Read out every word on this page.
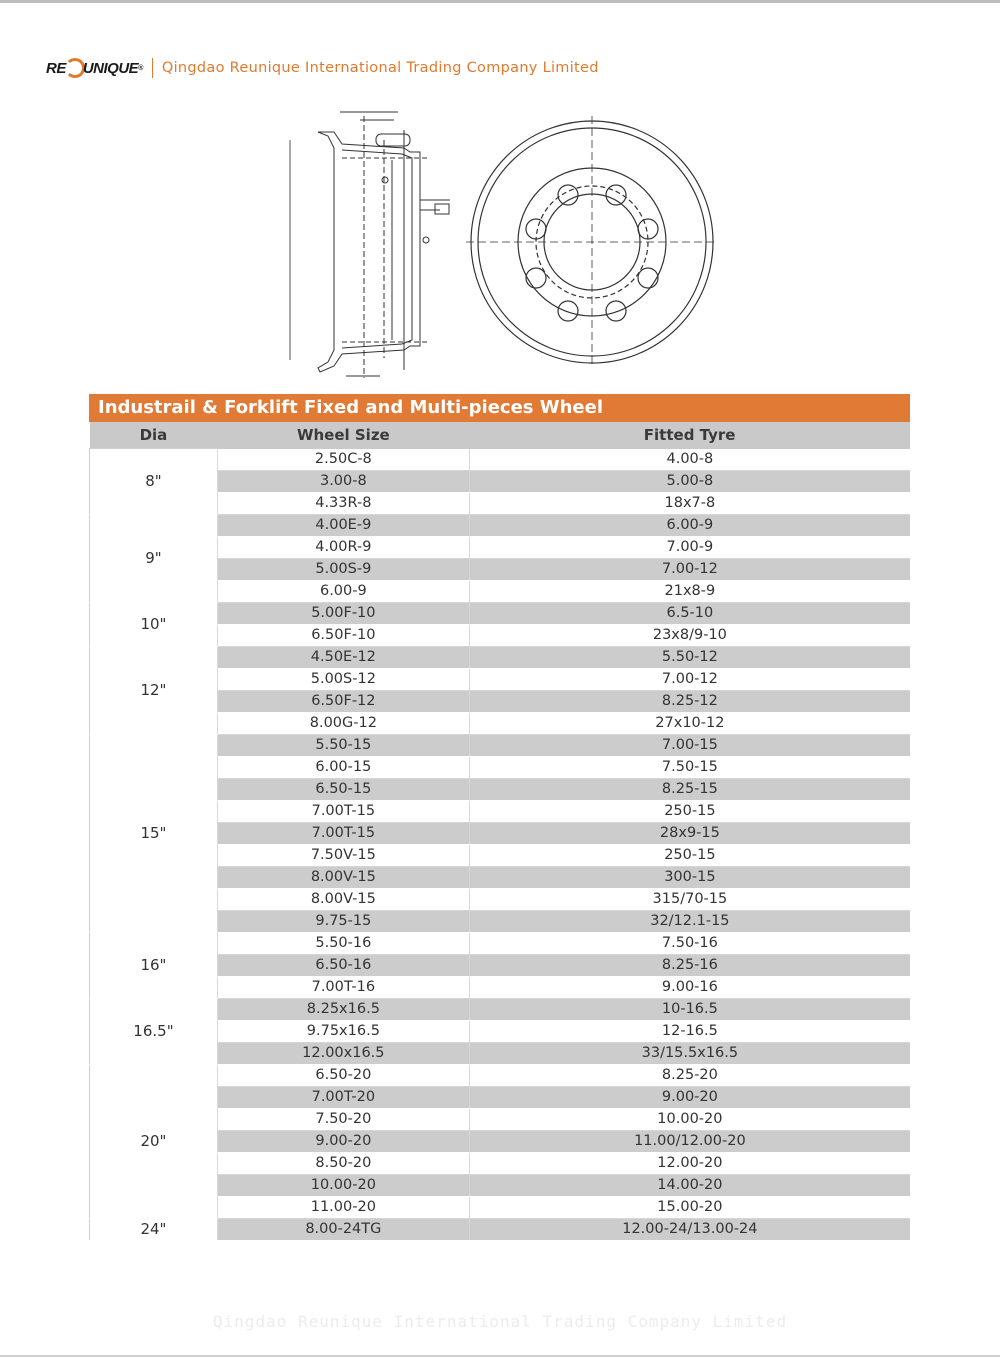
RE UNIQUE ® Qingdao Reunique International Trading Company Limited
Industrail & Forklift Fixed and Multi-pieces Wheel
Dia	Wheel Size	Fitted Tyre
8"	2.50C-8	4.00-8
	3.00-8	5.00-8
	4.33R-8	18x7-8
9"	4.00E-9	6.00-9
	4.00R-9	7.00-9
	5.00S-9	7.00-12
	6.00-9	21x8-9
10"	5.00F-10	6.5-10
	6.50F-10	23x8/9-10
12"	4.50E-12	5.50-12
	5.00S-12	7.00-12
	6.50F-12	8.25-12
	8.00G-12	27x10-12
15"	5.50-15	7.00-15
	6.00-15	7.50-15
	6.50-15	8.25-15
	7.00T-15	250-15
	7.00T-15	28x9-15
	7.50V-15	250-15
	8.00V-15	300-15
	8.00V-15	315/70-15
	9.75-15	32/12.1-15
16"	5.50-16	7.50-16
	6.50-16	8.25-16
	7.00T-16	9.00-16
16.5"	8.25x16.5	10-16.5
	9.75x16.5	12-16.5
	12.00x16.5	33/15.5x16.5
20"	6.50-20	8.25-20
	7.00T-20	9.00-20
	7.50-20	10.00-20
	9.00-20	11.00/12.00-20
	8.50-20	12.00-20
	10.00-20	14.00-20
	11.00-20	15.00-20
24"	8.00-24TG	12.00-24/13.00-24
Qingdao Reunique International Trading Company Limited
